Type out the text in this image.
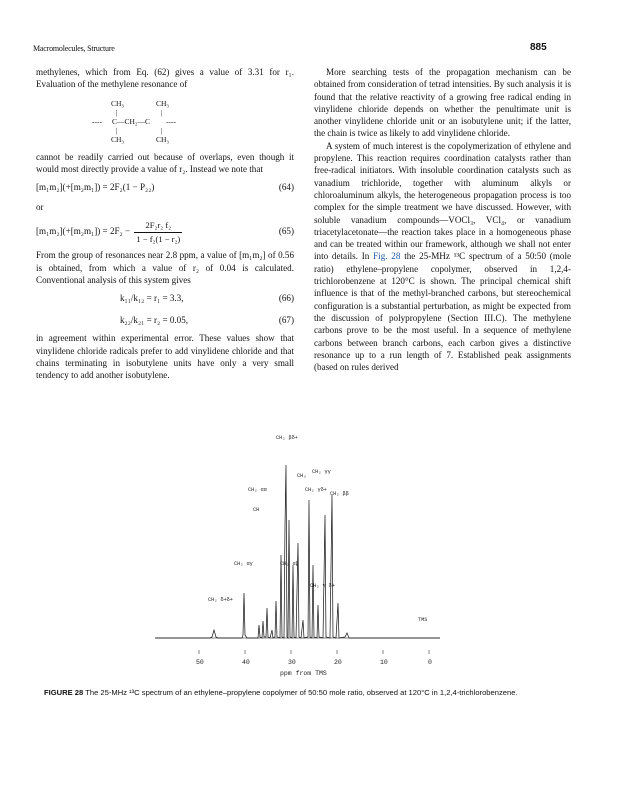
Macromolecules, Structure	885

methylenes, which from Eq. (62) gives a value of 3.31 for r₁. Evaluation of the methylene resonance of

CH₃	CH₃
|	|
---- C—CH₂—C ----
|	|
CH₃	CH₃

cannot be readily carried out because of overlaps, even though it would most directly provide a value of r₂. Instead we note that

[m₁m₂](+[m₂m₁]) = 2F₂(1 − P₂₂)	(64)
or
$[m_1m_2](+[m_2m_1]) = 2F_2 - \frac{\text{2F₂r₂ f₂}}{\text{1 − f₂(1 − r₂)}}$	(65)

From the group of resonances near 2.8 ppm, a value of [m₁m₂] of 0.56 is obtained, from which a value of r₂ of 0.04 is calculated. Conventional analysis of this system gives

k₁₁/k₁₂ = r₁ = 3.3,	(66)
k₂₂/k₂₁ = r₂ = 0.05,	(67)

in agreement within experimental error. These values show that vinylidene chloride radicals prefer to add vinylidene chloride and that chains terminating in isobutylene units have only a very small tendency to add another isobutylene.

More searching tests of the propagation mechanism can be obtained from consideration of tetrad intensities. By such analysis it is found that the relative reactivity of a growing free radical ending in vinylidene chloride depends on whether the penultimate unit is another vinylidene chloride unit or an isobutylene unit; if the latter, the chain is twice as likely to add vinylidene chloride.

A system of much interest is the copolymerization of ethylene and propylene. This reaction requires coordination catalysts rather than free-radical initiators. With insoluble coordination catalysts such as vanadium trichloride, together with aluminum alkyls or chloroaluminum alkyls, the heterogeneous propagation process is too complex for the simple treatment we have discussed. However, with soluble vanadium compounds—VOCl₃, VCl₄, or vanadium triacetylacetonate—the reaction takes place in a homogeneous phase and can be treated within our framework, although we shall not enter into details. In Fig. 28 the 25-MHz ¹³C spectrum of a 50:50 (mole ratio) ethylene–propylene copolymer, observed in 1,2,4-trichlorobenzene at 120°C is shown. The principal chemical shift influence is that of the methyl-branched carbons, but stereochemical configuration is a substantial perturbation, as might be expected from the discussion of polypropylene (Section III.C). The methylene carbons prove to be the most useful. In a sequence of methylene carbons between branch carbons, each carbon gives a distinctive resonance up to a run length of 7. Established peak assignments (based on rules derived

CH₂ δ+δ+
CH₂ αγ
CH
CH₂ αα
CH₂ βδ+
CH₃
CH₂ γγ
CH₂ γδ+
CH₂ ββ
CH₂ αβ
CH₂ γ δ+
TMS
50	40	30	20	10	0
ppm from TMS
FIGURE 28 The 25-MHz ¹³C spectrum of an ethylene–propylene copolymer of 50:50 mole ratio, observed at 120°C in 1,2,4-trichlorobenzene.
